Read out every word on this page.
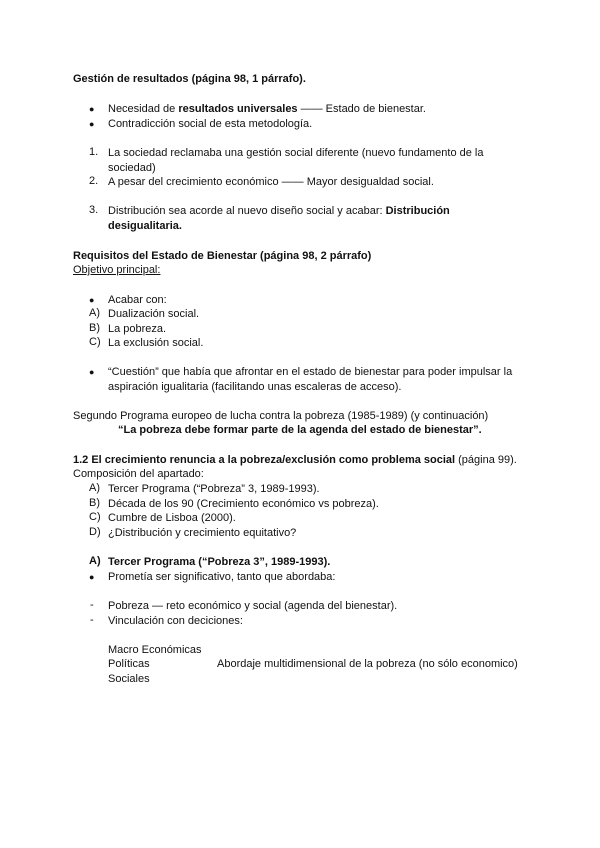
Gestión de resultados (página 98, 1 párrafo).
● Necesidad de resultados universales —— Estado de bienestar.
● Contradicción social de esta metodología.
1. La sociedad reclamaba una gestión social diferente (nuevo fundamento de la
sociedad)
2. A pesar del crecimiento económico —— Mayor desigualdad social.
3. Distribución sea acorde al nuevo diseño social y acabar: Distribución
desigualitaria.
Requisitos del Estado de Bienestar (página 98, 2 párrafo)
Objetivo principal:
● Acabar con:
A) Dualización social.
B) La pobreza.
C) La exclusión social.
● “Cuestión” que había que afrontar en el estado de bienestar para poder impulsar la
aspiración igualitaria (facilitando unas escaleras de acceso).
Segundo Programa europeo de lucha contra la pobreza (1985-1989) (y continuación)
“La pobreza debe formar parte de la agenda del estado de bienestar”.
1.2 El crecimiento renuncia a la pobreza/exclusión como problema social (página 99).
Composición del apartado:
A) Tercer Programa (“Pobreza” 3, 1989-1993).
B) Década de los 90 (Crecimiento económico vs pobreza).
C) Cumbre de Lisboa (2000).
D) ¿Distribución y crecimiento equitativo?
A) Tercer Programa (“Pobreza 3”, 1989-1993).
● Prometía ser significativo, tanto que abordaba:
- Pobreza — reto económico y social (agenda del bienestar).
- Vinculación con deciciones:
Macro Económicas
Políticas
Sociales
Abordaje multidimensional de la pobreza (no sólo economico)
